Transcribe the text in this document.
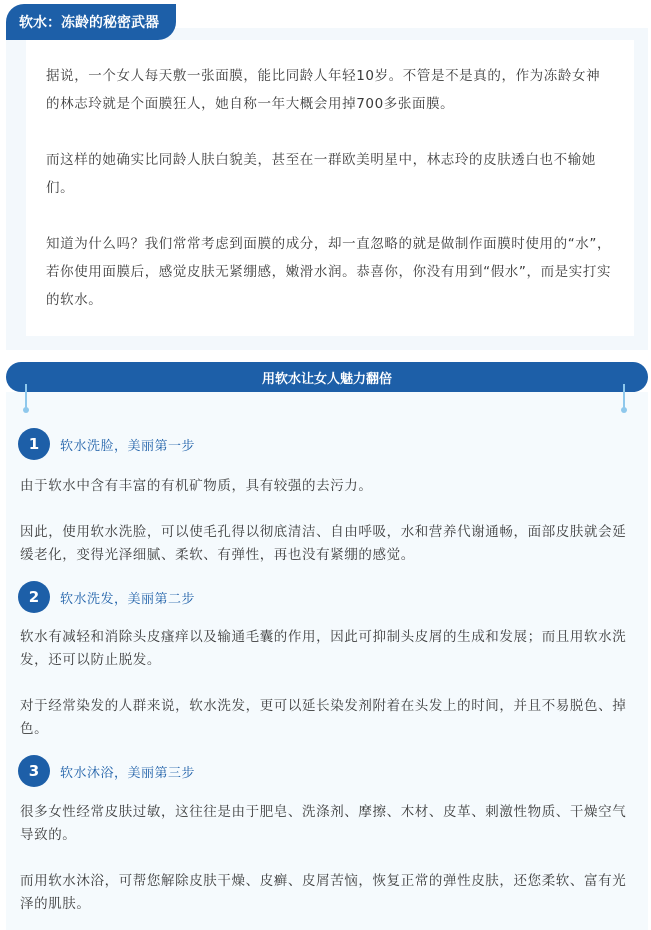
软水：冻龄的秘密武器

据说，一个女人每天敷一张面膜，能比同龄人年轻10岁。不管是不是真的，作为冻龄女神的林志玲就是个面膜狂人，她自称一年大概会用掉700多张面膜。

而这样的她确实比同龄人肤白貌美，甚至在一群欧美明星中，林志玲的皮肤透白也不输她们。

知道为什么吗？我们常常考虑到面膜的成分，却一直忽略的就是做制作面膜时使用的“水”，若你使用面膜后，感觉皮肤无紧绷感，嫩滑水润。恭喜你，你没有用到“假水”，而是实打实的软水。

用软水让女人魅力翻倍
1	软水洗脸，美丽第一步

由于软水中含有丰富的有机矿物质，具有较强的去污力。

因此，使用软水洗脸，可以使毛孔得以彻底清洁、自由呼吸，水和营养代谢通畅，面部皮肤就会延缓老化，变得光泽细腻、柔软、有弹性，再也没有紧绷的感觉。

2	软水洗发，美丽第二步

软水有减轻和消除头皮瘙痒以及输通毛囊的作用，因此可抑制头皮屑的生成和发展；而且用软水洗发，还可以防止脱发。

对于经常染发的人群来说，软水洗发，更可以延长染发剂附着在头发上的时间，并且不易脱色、掉色。

3	软水沐浴，美丽第三步

很多女性经常皮肤过敏，这往往是由于肥皂、洗涤剂、摩擦、木材、皮革、刺激性物质、干燥空气导致的。

而用软水沐浴，可帮您解除皮肤干燥、皮癣、皮屑苦恼，恢复正常的弹性皮肤，还您柔软、富有光泽的肌肤。
